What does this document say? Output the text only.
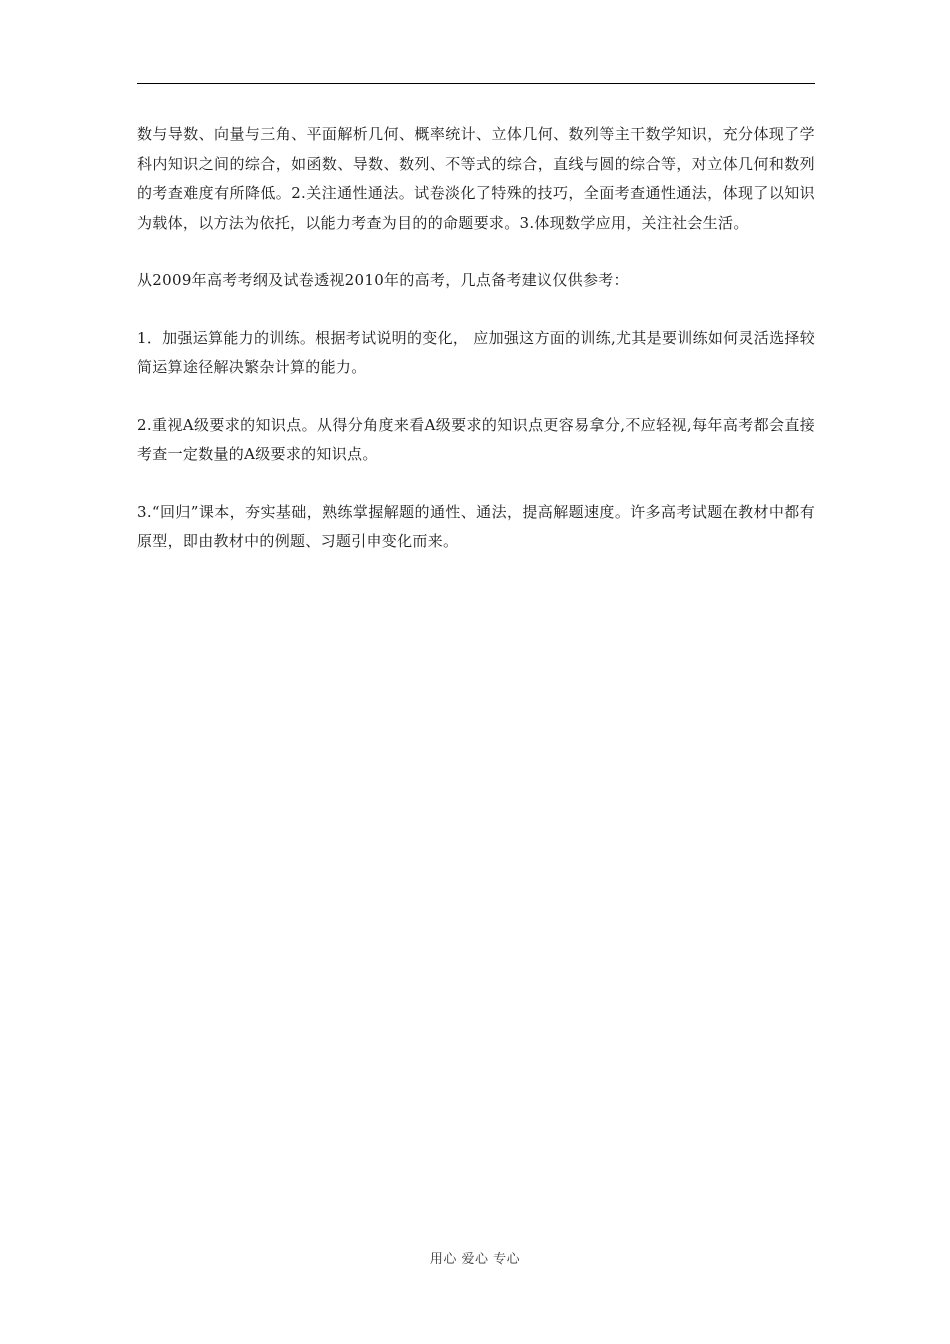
数与导数、向量与三角、平面解析几何、概率统计、立体几何、数列等主干数学知识，充分体现了学科内知识之间的综合，如函数、导数、数列、不等式的综合，直线与圆的综合等，对立体几何和数列的考查难度有所降低。2.关注通性通法。试卷淡化了特殊的技巧，全面考查通性通法，体现了以知识为载体，以方法为依托，以能力考查为目的的命题要求。3.体现数学应用，关注社会生活。

从2009年高考考纲及试卷透视2010年的高考，几点备考建议仅供参考：

1．加强运算能力的训练。根据考试说明的变化， 应加强这方面的训练,尤其是要训练如何灵活选择较简运算途径解决繁杂计算的能力。

2.重视A级要求的知识点。从得分角度来看A级要求的知识点更容易拿分,不应轻视,每年高考都会直接考查一定数量的A级要求的知识点。

3.“回归”课本，夯实基础，熟练掌握解题的通性、通法，提高解题速度。许多高考试题在教材中都有原型，即由教材中的例题、习题引申变化而来。

用心 爱心 专心
